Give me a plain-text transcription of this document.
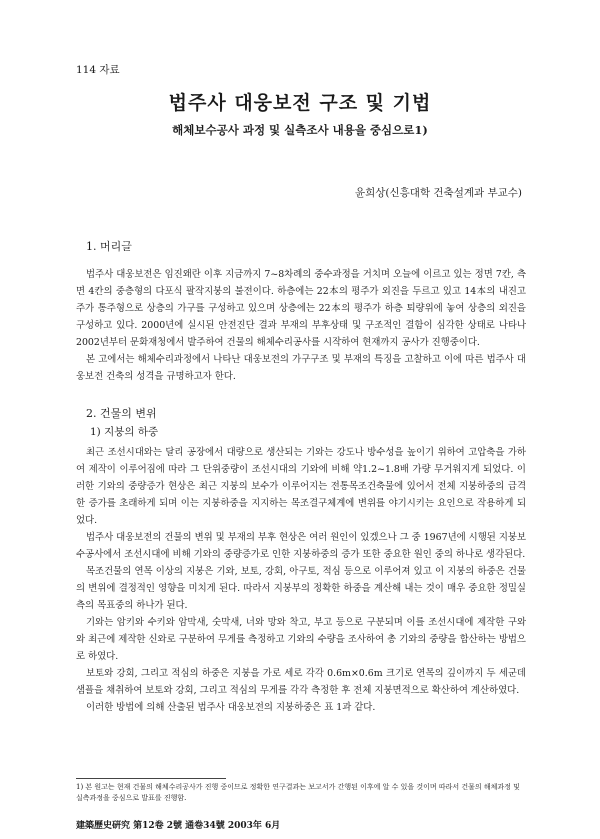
114 자료
법주사 대웅보전 구조 및 기법
해체보수공사 과정 및 실측조사 내용을 중심으로1)
윤희상(신흥대학 건축설계과 부교수)
1. 머리글

법주사 대웅보전은 임진왜란 이후 지금까지 7~8차례의 중수과정을 거치며 오늘에 이르고 있는 정면 7칸, 측면 4칸의 중층형의 다포식 팔작지붕의 불전이다. 하층에는 22本의 평주가 외진을 두르고 있고 14本의 내진고주가 통주형으로 상층의 가구를 구성하고 있으며 상층에는 22本의 평주가 하층 퇴량위에 놓여 상층의 외진을 구성하고 있다. 2000년에 실시된 안전진단 결과 부재의 부후상태 및 구조적인 결함이 심각한 상태로 나타나 2002년부터 문화재청에서 발주하여 건물의 해체수리공사를 시작하여 현재까지 공사가 진행중이다.

본 고에서는 해체수리과정에서 나타난 대웅보전의 가구구조 및 부재의 특징을 고찰하고 이에 따른 법주사 대웅보전 건축의 성격을 규명하고자 한다.

2. 건물의 변위
1) 지붕의 하중

최근 조선시대와는 달리 공장에서 대량으로 생산되는 기와는 강도나 방수성을 높이기 위하여 고압축을 가하여 제작이 이루어짐에 따라 그 단위중량이 조선시대의 기와에 비해 약1.2~1.8배 가량 무거워지게 되었다. 이러한 기와의 중량증가 현상은 최근 지붕의 보수가 이루어지는 전통목조건축물에 있어서 전체 지붕하중의 급격한 증가를 초래하게 되며 이는 지붕하중을 지지하는 목조결구체계에 변위를 야기시키는 요인으로 작용하게 되었다.

법주사 대웅보전의 건물의 변위 및 부재의 부후 현상은 여러 원인이 있겠으나 그 중 1967년에 시행된 지붕보수공사에서 조선시대에 비해 기와의 중량증가로 인한 지붕하중의 증가 또한 중요한 원인 중의 하나로 생각된다.

목조건물의 연목 이상의 지붕은 기와, 보토, 강회, 아구토, 적심 등으로 이루어져 있고 이 지붕의 하중은 건물의 변위에 결정적인 영향을 미치게 된다. 따라서 지붕부의 정확한 하중을 계산해 내는 것이 매우 중요한 정밀실측의 목표중의 하나가 된다.

기와는 암키와 수키와 암막새, 숫막새, 너와 망와 착고, 부고 등으로 구분되며 이를 조선시대에 제작한 구와와 최근에 제작한 신와로 구분하여 무게를 측정하고 기와의 수량을 조사하여 총 기와의 중량을 합산하는 방법으로 하였다.

보토와 강회, 그리고 적심의 하중은 지붕을 가로 세로 각각 0.6m×0.6m 크기로 연목의 깊이까지 두 세군데 샘플을 채취하여 보토와 강회, 그리고 적심의 무게를 각각 측정한 후 전체 지붕면적으로 확산하여 계산하였다.

이러한 방법에 의해 산출된 법주사 대웅보전의 지붕하중은 표 1과 같다.

1) 본 원고는 현재 건물의 해체수리공사가 진행 중이므로 정확한 연구결과는 보고서가 간행된 이후에 알 수 있을 것이며 따라서 건물의 해체과정 및 실측과정을 중심으로 발표를 진행함.
建築歷史硏究 第12卷 2號 通卷34號 2003年 6月
